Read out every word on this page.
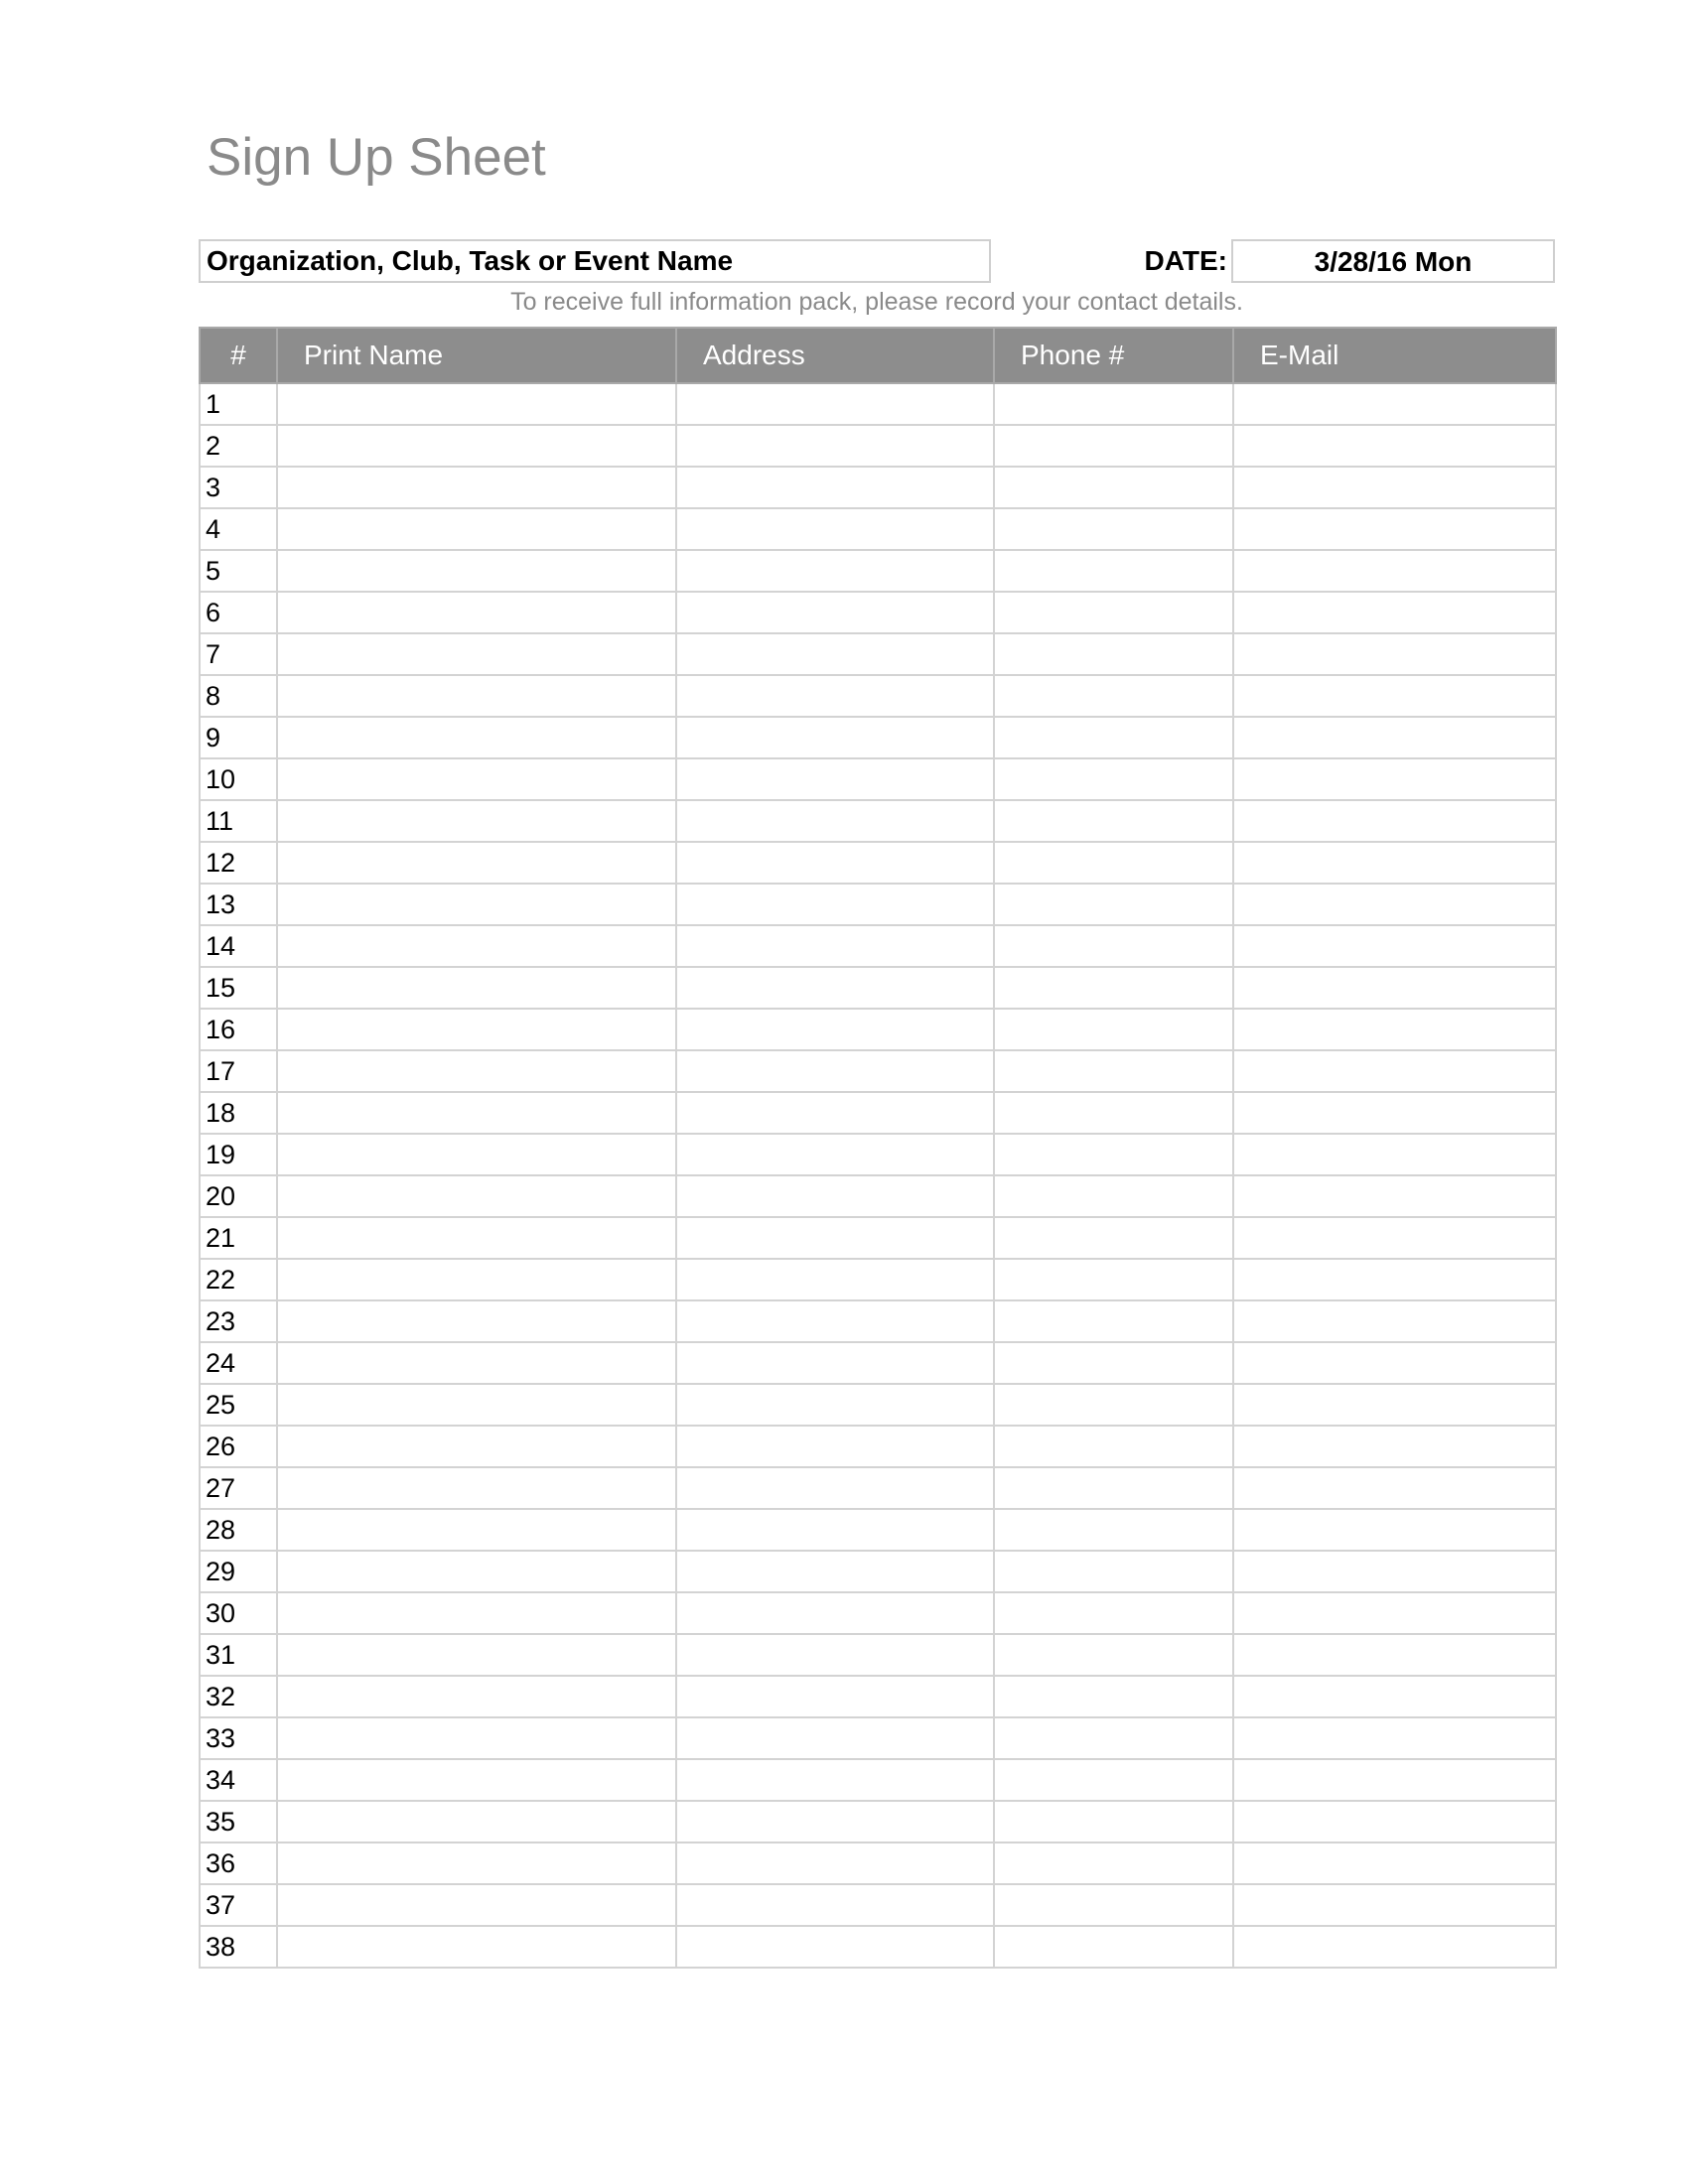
Sign Up Sheet
Organization, Club, Task or Event Name	DATE:	3/28/16 Mon
To receive full information pack, please record your contact details.
#	Print Name	Address	Phone #	E-Mail
1				
2				
3				
4				
5				
6				
7				
8				
9				
10				
11				
12				
13				
14				
15				
16				
17				
18				
19				
20				
21				
22				
23				
24				
25				
26				
27				
28				
29				
30				
31				
32				
33				
34				
35				
36				
37				
38				
